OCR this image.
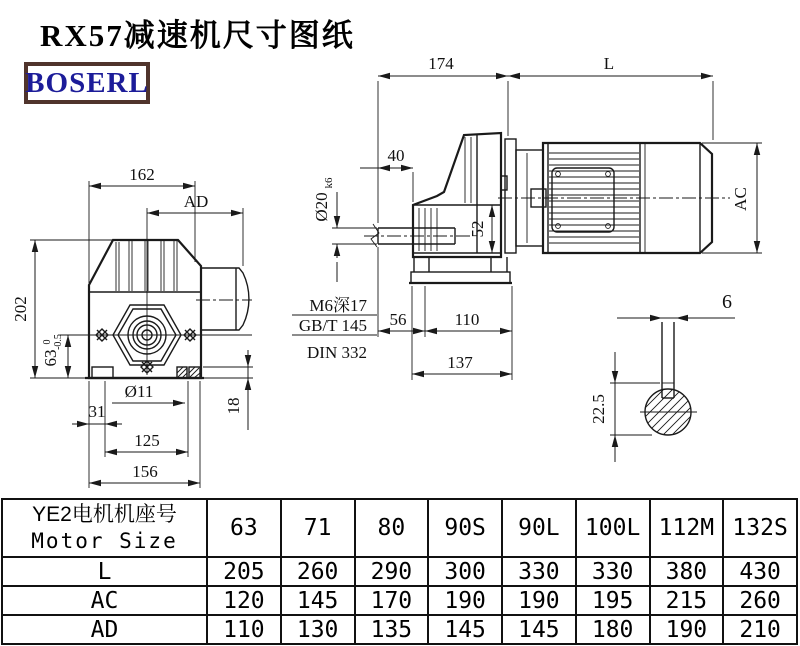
RX57减速机尺寸图纸
BOSERL
162
AD
202
63
0 -0.5
18
Ø11
31
125
156
52
M6深17
GB/T 145
DIN 332
174
40
Ø20
k6
56	110
137
L
AC
6
22.5
YE2电机机座号
Motor Size	63	71	80	90S	90L	100L	112M	132S
L	205	260	290	300	330	330	380	430
AC	120	145	170	190	190	195	215	260
AD	110	130	135	145	145	180	190	210
